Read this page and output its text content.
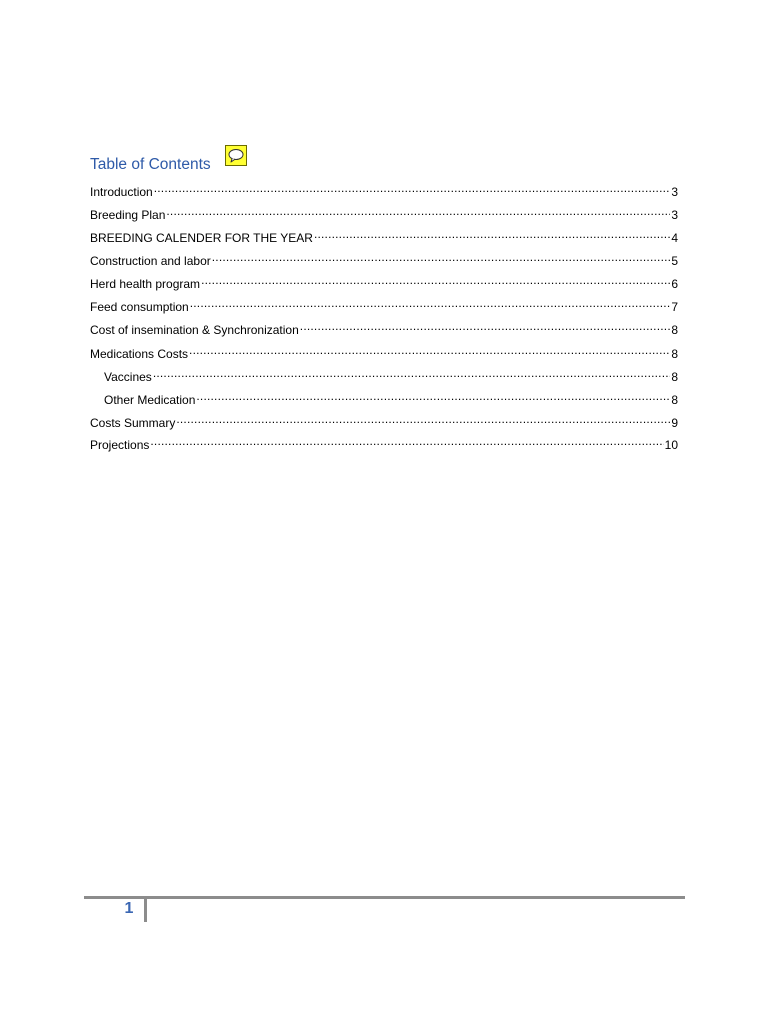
Table of Contents
Introduction .....	3
Breeding Plan .....	3
BREEDING CALENDER FOR THE YEAR .....	4
Construction and labor .....	5
Herd health program .....	6
Feed consumption .....	7
Cost of insemination & Synchronization .....	8
Medications Costs .....	8
Vaccines .....	8
Other Medication .....	8
Costs Summary .....	9
Projections .....	10
1
